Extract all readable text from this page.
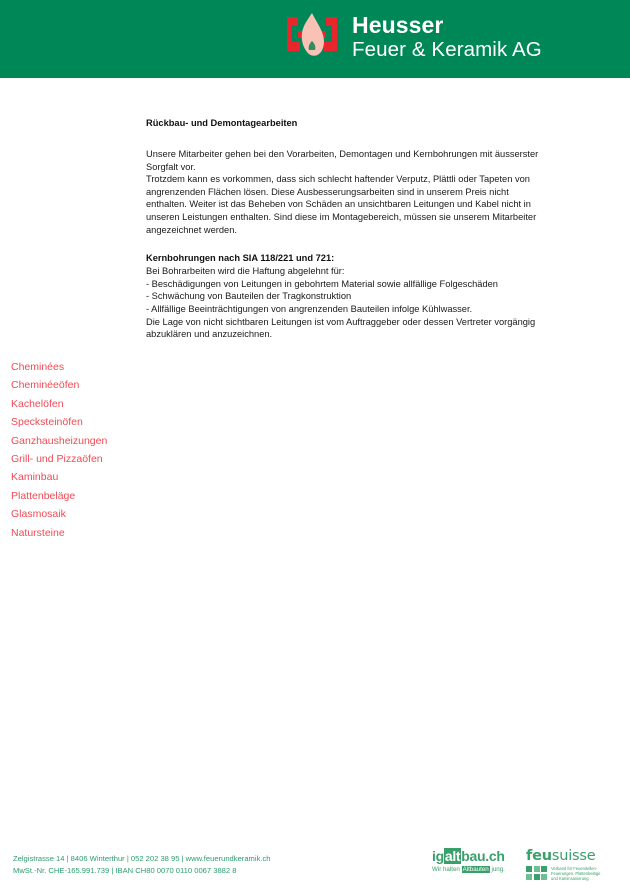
Heusser
Feuer & Keramik AG
Cheminées
Cheminéeöfen
Kachelöfen
Specksteinöfen
Ganzhausheizungen
Grill- und Pizzaöfen
Kaminbau
Plattenbeläge
Glasmosaik
Natursteine
Rückbau- und Demontagearbeiten

Unsere Mitarbeiter gehen bei den Vorarbeiten, Demontagen und Kernbohrungen mit äusserster Sorgfalt vor.

Trotzdem kann es vorkommen, dass sich schlecht haftender Verputz, Plättli oder Tapeten von angrenzenden Flächen lösen. Diese Ausbesserungsarbeiten sind in unserem Preis nicht enthalten. Weiter ist das Beheben von Schäden an unsichtbaren Leitungen und Kabel nicht in unseren Leistungen enthalten. Sind diese im Montagebereich, müssen sie unserem Mitarbeiter angezeichnet werden.

Kernbohrungen nach SIA 118/221 und 721:

Bei Bohrarbeiten wird die Haftung abgelehnt für:

- Beschädigungen von Leitungen in gebohrtem Material sowie allfällige Folgeschäden

- Schwächung von Bauteilen der Tragkonstruktion

- Allfällige Beeinträchtigungen von angrenzenden Bauteilen infolge Kühlwasser.

Die Lage von nicht sichtbaren Leitungen ist vom Auftraggeber oder dessen Vertreter vorgängig abzuklären und anzuzeichnen.

Zelgistrasse 14 | 8406 Winterthur | 052 202 38 95 | www.feuerundkeramik.ch
MwSt.-Nr. CHE-165.991.739 | IBAN CH80 0070 0110 0067 3882 8
igaltbau.ch
Wir halten Altbauten jung.
feusuisse
Verband für Feuerstellen-
Feuerungen, Plattenbeläge
und Kaminsanierung
